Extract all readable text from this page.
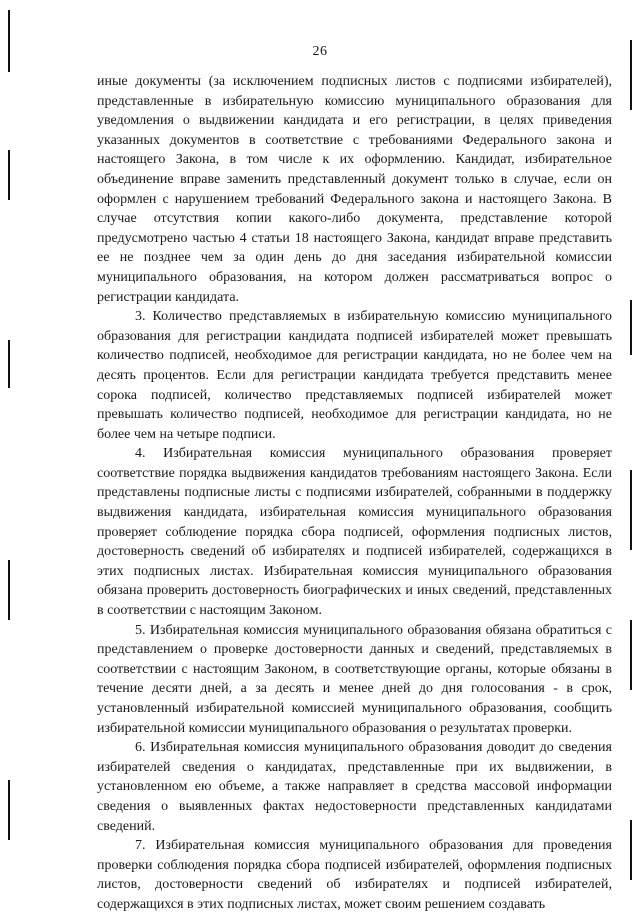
26

иные документы (за исключением подписных листов с подписями избирателей), представленные в избирательную комиссию муниципального образования для уведомления о выдвижении кандидата и его регистрации, в целях приведения указанных документов в соответствие с требованиями Федерального закона и настоящего Закона, в том числе к их оформлению. Кандидат, избирательное объединение вправе заменить представленный документ только в случае, если он оформлен с нарушением требований Федерального закона и настоящего Закона. В случае отсутствия копии какого-либо документа, представление которой предусмотрено частью 4 статьи 18 настоящего Закона, кандидат вправе представить ее не позднее чем за один день до дня заседания избирательной комиссии муниципального образования, на котором должен рассматриваться вопрос о регистрации кандидата.

3. Количество представляемых в избирательную комиссию муниципального образования для регистрации кандидата подписей избирателей может превышать количество подписей, необходимое для регистрации кандидата, но не более чем на десять процентов. Если для регистрации кандидата требуется представить менее сорока подписей, количество представляемых подписей избирателей может превышать количество подписей, необходимое для регистрации кандидата, но не более чем на четыре подписи.

4. Избирательная комиссия муниципального образования проверяет соответствие порядка выдвижения кандидатов требованиям настоящего Закона. Если представлены подписные листы с подписями избирателей, собранными в поддержку выдвижения кандидата, избирательная комиссия муниципального образования проверяет соблюдение порядка сбора подписей, оформления подписных листов, достоверность сведений об избирателях и подписей избирателей, содержащихся в этих подписных листах. Избирательная комиссия муниципального образования обязана проверить достоверность биографических и иных сведений, представленных в соответствии с настоящим Законом.

5. Избирательная комиссия муниципального образования обязана обратиться с представлением о проверке достоверности данных и сведений, представляемых в соответствии с настоящим Законом, в соответствующие органы, которые обязаны в течение десяти дней, а за десять и менее дней до дня голосования - в срок, установленный избирательной комиссией муниципального образования, сообщить избирательной комиссии муниципального образования о результатах проверки.

6. Избирательная комиссия муниципального образования доводит до сведения избирателей сведения о кандидатах, представленные при их выдвижении, в установленном ею объеме, а также направляет в средства массовой информации сведения о выявленных фактах недостоверности представленных кандидатами сведений.

7. Избирательная комиссия муниципального образования для проведения проверки соблюдения порядка сбора подписей избирателей, оформления подписных листов, достоверности сведений об избирателях и подписей избирателей, содержащихся в этих подписных листах, может своим решением создавать
